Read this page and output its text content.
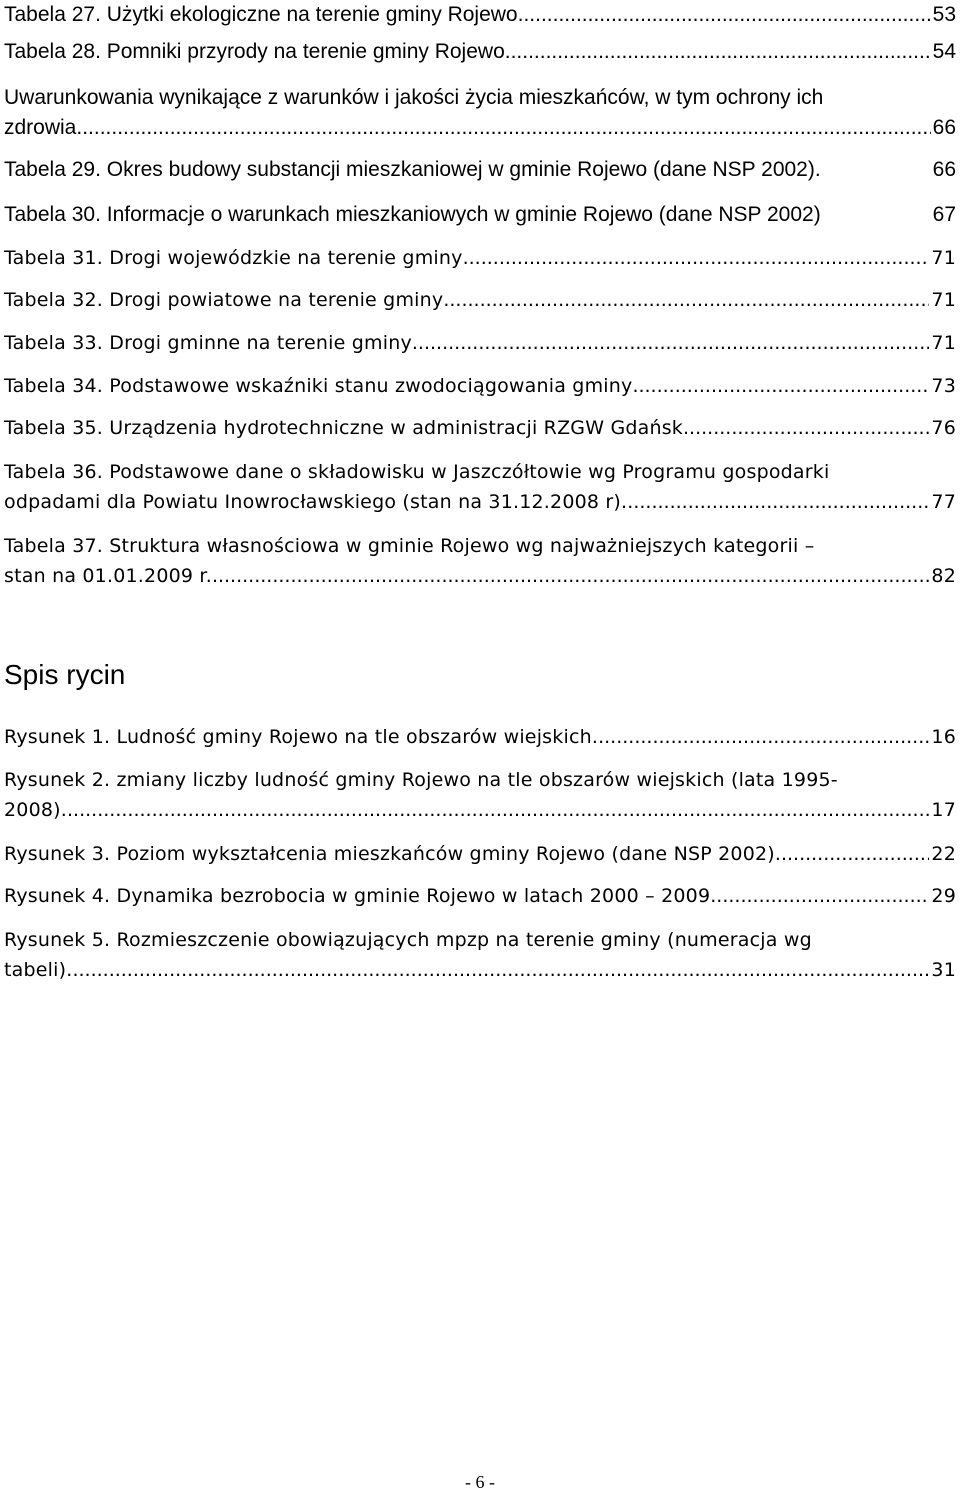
Tabela 27. Użytki ekologiczne na terenie gminy Rojewo .....	53
Tabela 28. Pomniki przyrody na terenie gminy Rojewo .....	54
Uwarunkowania wynikające z warunków i jakości życia mieszkańców, w tym ochrony ich
zdrowia .....	66
Tabela 29. Okres budowy substancji mieszkaniowej w gminie Rojewo (dane NSP 2002).	66
Tabela 30. Informacje o warunkach mieszkaniowych w gminie Rojewo (dane NSP 2002)	67
Tabela 31. Drogi wojewódzkie na terenie gminy .....	71
Tabela 32. Drogi powiatowe na terenie gminy .....	71
Tabela 33. Drogi gminne na terenie gminy .....	71
Tabela 34. Podstawowe wskaźniki stanu zwodociągowania gminy .....	73
Tabela 35. Urządzenia hydrotechniczne w administracji RZGW Gdańsk .....	76
Tabela 36. Podstawowe dane o składowisku w Jaszczółtowie wg Programu gospodarki
odpadami dla Powiatu Inowrocławskiego (stan na 31.12.2008 r). .....	77
Tabela 37. Struktura własnościowa w gminie Rojewo wg najważniejszych kategorii –
stan na 01.01.2009 r. .....	82
Spis rycin
Rysunek 1. Ludność gminy Rojewo na tle obszarów wiejskich. .....	16
Rysunek 2. zmiany liczby ludność gminy Rojewo na tle obszarów wiejskich (lata 1995-
2008). .....	17
Rysunek 3. Poziom wykształcenia mieszkańców gminy Rojewo (dane NSP 2002) .....	22
Rysunek 4. Dynamika bezrobocia w gminie Rojewo w latach 2000 – 2009 .....	29
Rysunek 5. Rozmieszczenie obowiązujących mpzp na terenie gminy (numeracja wg
tabeli). .....	31
- 6 -
